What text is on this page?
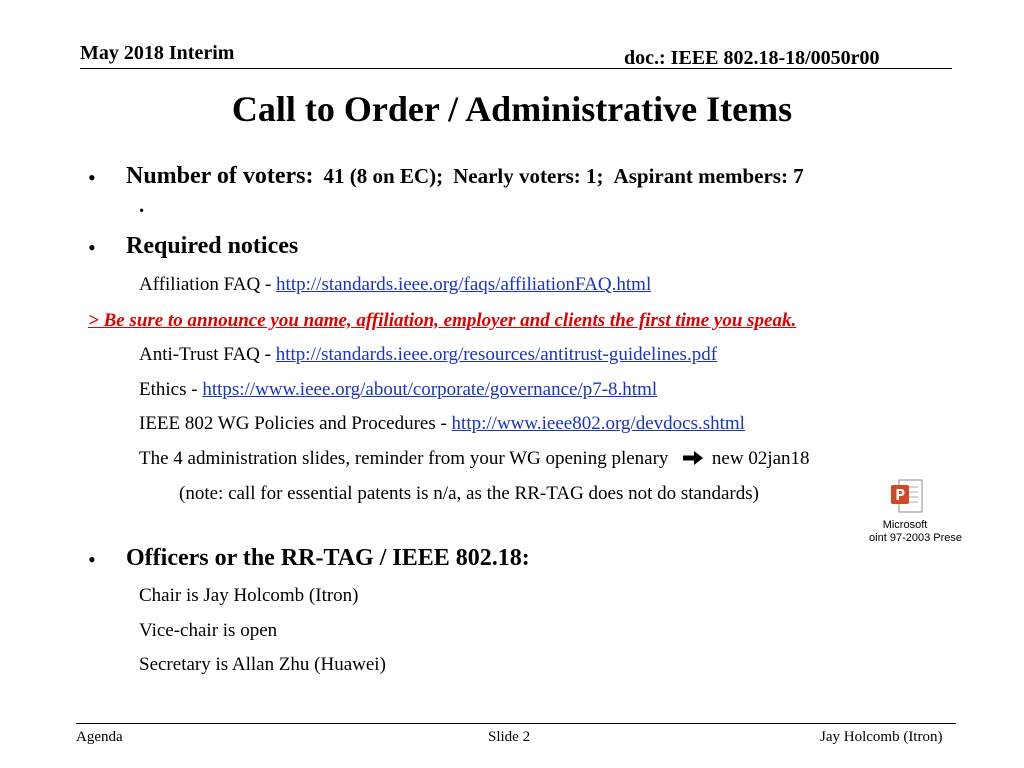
May 2018 Interim	doc.: IEEE 802.18-18/0050r00
Call to Order / Administrative Items
• Number of voters: 41 (8 on EC); Nearly voters: 1; Aspirant members: 7
.
• Required notices
Affiliation FAQ - http://standards.ieee.org/faqs/affiliationFAQ.html
> Be sure to announce you name, affiliation, employer and clients the first time you speak.
Anti-Trust FAQ - http://standards.ieee.org/resources/antitrust-guidelines.pdf
Ethics - https://www.ieee.org/about/corporate/governance/p7-8.html
IEEE 802 WG Policies and Procedures - http://www.ieee802.org/devdocs.shtml
The 4 administration slides, reminder from your WG opening plenary new 02jan18
(note: call for essential patents is n/a, as the RR-TAG does not do standards)
Microsoft
oint 97-2003 Prese
• Officers or the RR-TAG / IEEE 802.18:
Chair is Jay Holcomb (Itron)
Vice-chair is open
Secretary is Allan Zhu (Huawei)
Agenda	Slide 2	Jay Holcomb (Itron)
